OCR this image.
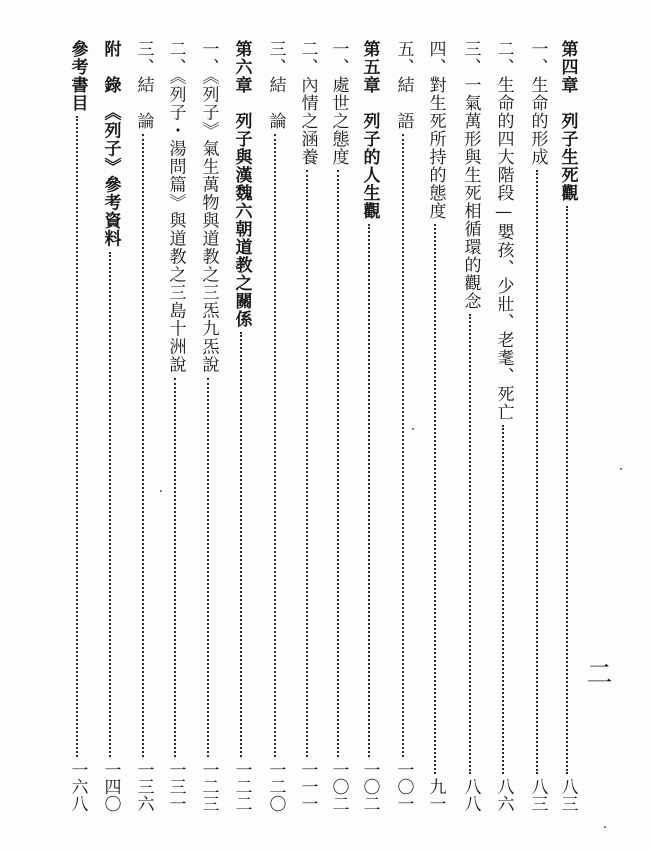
第四章　列子生死觀
八三
一、生命的形成
八三
二、生命的四大階段—嬰孩、少壯、老耄、死亡
八六
三、一氣萬形與生死相循環的觀念
八八
四、對生死所持的態度
九一
五、結　語
一〇一
第五章　列子的人生觀
一〇二
一、處世之態度
一〇二
二、內情之涵養
一一一
三、結　論
一二〇
第六章　列子與漢魏六朝道教之關係
一二二
一、《列子》氣生萬物與道教之三炁九炁說
一二三
二、《列子・湯問篇》與道教之三島十洲說
一三一
三、結　論
一三六
附　錄　《列子》參考資料
一四〇
參考書目
一六八
二
